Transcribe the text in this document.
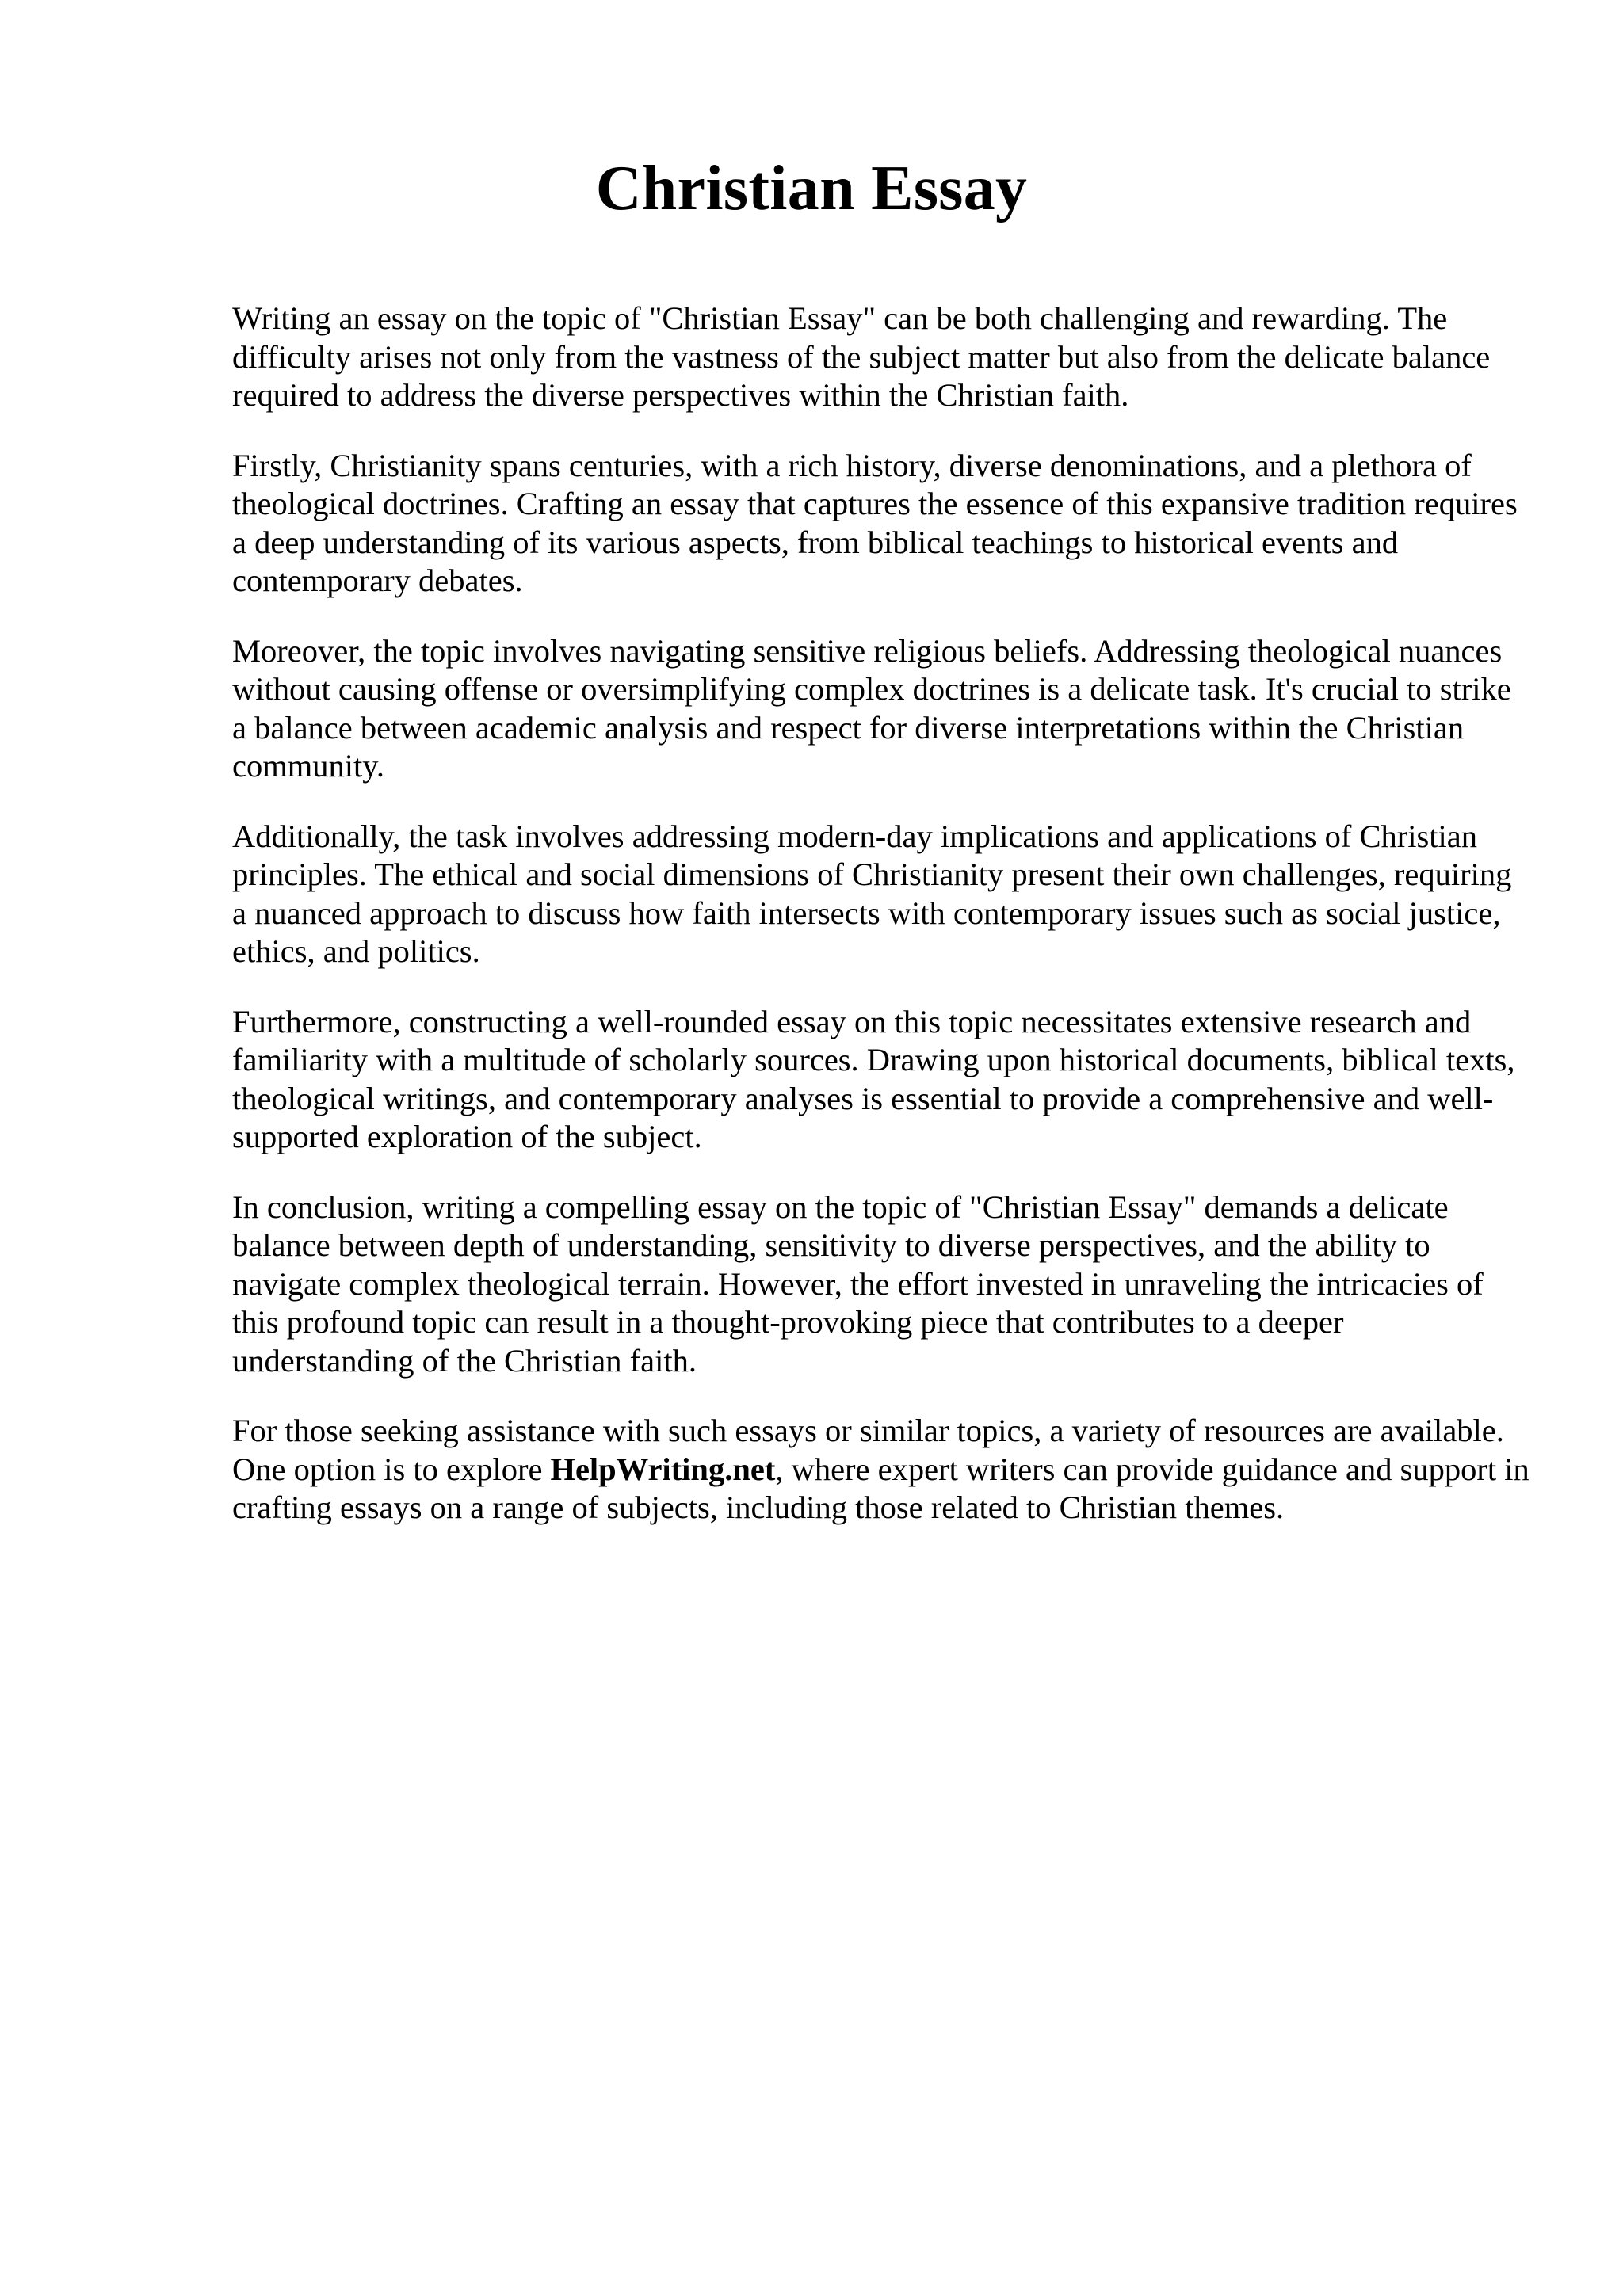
Christian Essay

Writing an essay on the topic of "Christian Essay" can be both challenging and rewarding. The difficulty arises not only from the vastness of the subject matter but also from the delicate balance required to address the diverse perspectives within the Christian faith.

Firstly, Christianity spans centuries, with a rich history, diverse denominations, and a plethora of theological doctrines. Crafting an essay that captures the essence of this expansive tradition requires a deep understanding of its various aspects, from biblical teachings to historical events and contemporary debates.

Moreover, the topic involves navigating sensitive religious beliefs. Addressing theological nuances without causing offense or oversimplifying complex doctrines is a delicate task. It's crucial to strike a balance between academic analysis and respect for diverse interpretations within the Christian community.

Additionally, the task involves addressing modern-day implications and applications of Christian principles. The ethical and social dimensions of Christianity present their own challenges, requiring a nuanced approach to discuss how faith intersects with contemporary issues such as social justice, ethics, and politics.

Furthermore, constructing a well-rounded essay on this topic necessitates extensive research and familiarity with a multitude of scholarly sources. Drawing upon historical documents, biblical texts, theological writings, and contemporary analyses is essential to provide a comprehensive and well-supported exploration of the subject.

In conclusion, writing a compelling essay on the topic of "Christian Essay" demands a delicate balance between depth of understanding, sensitivity to diverse perspectives, and the ability to navigate complex theological terrain. However, the effort invested in unraveling the intricacies of this profound topic can result in a thought-provoking piece that contributes to a deeper understanding of the Christian faith.

For those seeking assistance with such essays or similar topics, a variety of resources are available. One option is to explore HelpWriting.net, where expert writers can provide guidance and support in crafting essays on a range of subjects, including those related to Christian themes.
